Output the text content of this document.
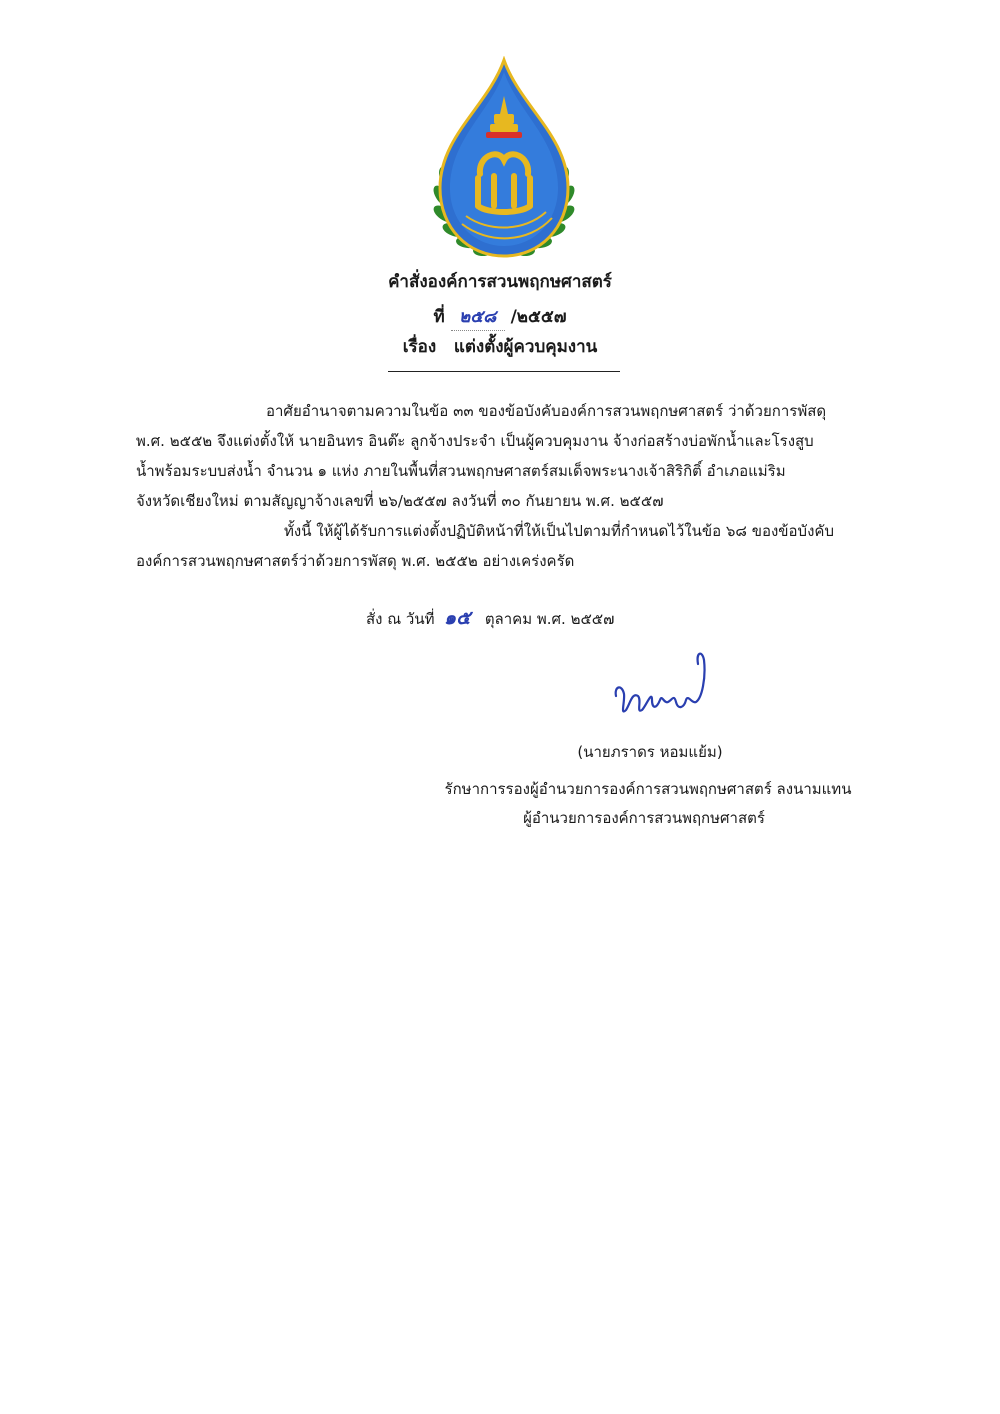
คำสั่งองค์การสวนพฤกษศาสตร์
ที่ ๒๕๘ /๒๕๕๗
เรื่อง แต่งตั้งผู้ควบคุมงาน
อาศัยอำนาจตามความในข้อ ๓๓ ของข้อบังคับองค์การสวนพฤกษศาสตร์ ว่าด้วยการพัสดุ
พ.ศ. ๒๕๕๒ จึงแต่งตั้งให้ นายอินทร อินต๊ะ ลูกจ้างประจำ เป็นผู้ควบคุมงาน จ้างก่อสร้างบ่อพักน้ำและโรงสูบ
น้ำพร้อมระบบส่งน้ำ จำนวน ๑ แห่ง ภายในพื้นที่สวนพฤกษศาสตร์สมเด็จพระนางเจ้าสิริกิติ์ อำเภอแม่ริม
จังหวัดเชียงใหม่ ตามสัญญาจ้างเลขที่ ๒๖/๒๕๕๗ ลงวันที่ ๓๐ กันยายน พ.ศ. ๒๕๕๗
ทั้งนี้ ให้ผู้ได้รับการแต่งตั้งปฏิบัติหน้าที่ให้เป็นไปตามที่กำหนดไว้ในข้อ ๖๘ ของข้อบังคับ
องค์การสวนพฤกษศาสตร์ว่าด้วยการพัสดุ พ.ศ. ๒๕๕๒ อย่างเคร่งครัด
สั่ง ณ วันที่ ๑๕ ตุลาคม พ.ศ. ๒๕๕๗
(นายภราดร หอมแย้ม)
รักษาการรองผู้อำนวยการองค์การสวนพฤกษศาสตร์ ลงนามแทน
ผู้อำนวยการองค์การสวนพฤกษศาสตร์
